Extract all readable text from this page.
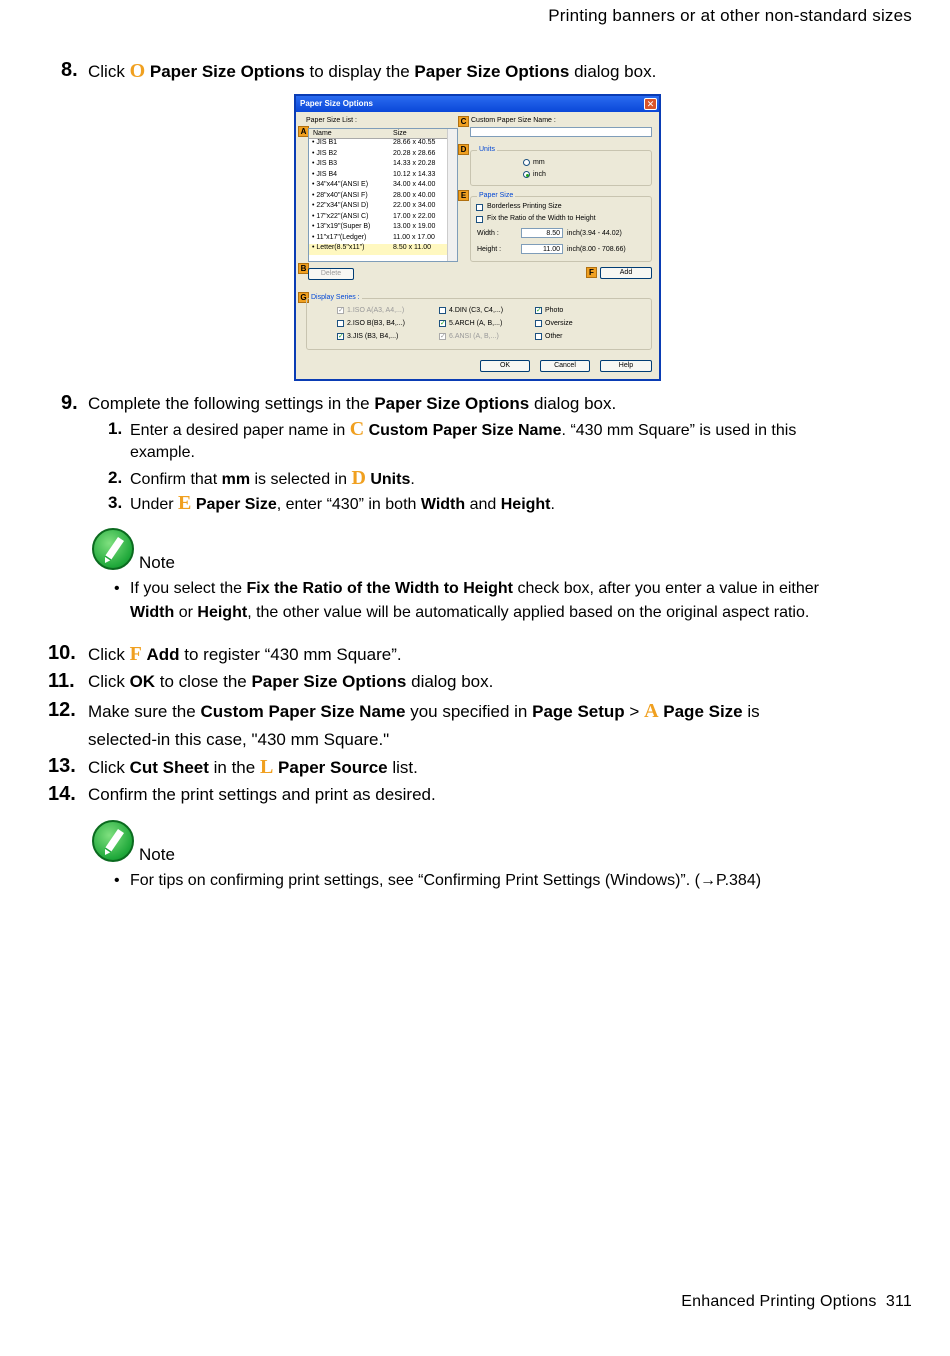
Printing banners or at other non-standard sizes
8. Click O Paper Size Options to display the Paper Size Options dialog box.
Paper Size Options	✕
Paper Size List :
A Name	Size
• JIS B1	28.66 x 40.55
• JIS B2	20.28 x 28.66
• JIS B3	14.33 x 20.28
• JIS B4	10.12 x 14.33
• 34"x44"(ANSI E)	34.00 x 44.00
• 28"x40"(ANSI F)	28.00 x 40.00
• 22"x34"(ANSI D)	22.00 x 34.00
• 17"x22"(ANSI C)	17.00 x 22.00
• 13"x19"(Super B)	13.00 x 19.00
• 11"x17"(Ledger)	11.00 x 17.00
• Letter(8.5"x11")	8.50 x 11.00
B
Delete
C Custom Paper Size Name :
D	Units
mm
inch
E	Paper Size
Borderless Printing Size
Fix the Ratio of the Width to Height
Width :	8.50	inch(3.94 - 44.02)
Height :	11.00	inch(8.00 - 708.66)
F	Add
G Display Series :
✓ 1.ISO A(A3, A4,...)
2.ISO B(B3, B4,...)
✓ 3.JIS (B3, B4,...)
4.DIN (C3, C4,...)
✓ 5.ARCH (A, B,...)
✓ 6.ANSI (A, B,...)
✓ Photo
Oversize
Other
OK	Cancel	Help
9. Complete the following settings in the Paper Size Options dialog box.
1. Enter a desired paper name in C Custom Paper Size Name. “430 mm Square” is used in this
example.
2. Confirm that mm is selected in D Units.
3. Under E Paper Size, enter “430” in both Width and Height.
Note
• If you select the Fix the Ratio of the Width to Height check box, after you enter a value in either
Width or Height, the other value will be automatically applied based on the original aspect ratio.
10. Click F Add to register “430 mm Square”.
11. Click OK to close the Paper Size Options dialog box.
12. Make sure the Custom Paper Size Name you specified in Page Setup > A Page Size is
selected-in this case, "430 mm Square."
13. Click Cut Sheet in the L Paper Source list.
14. Confirm the print settings and print as desired.
Note
• For tips on confirming print settings, see “Confirming Print Settings (Windows)”. (→P.384)
Enhanced Printing Options 311
